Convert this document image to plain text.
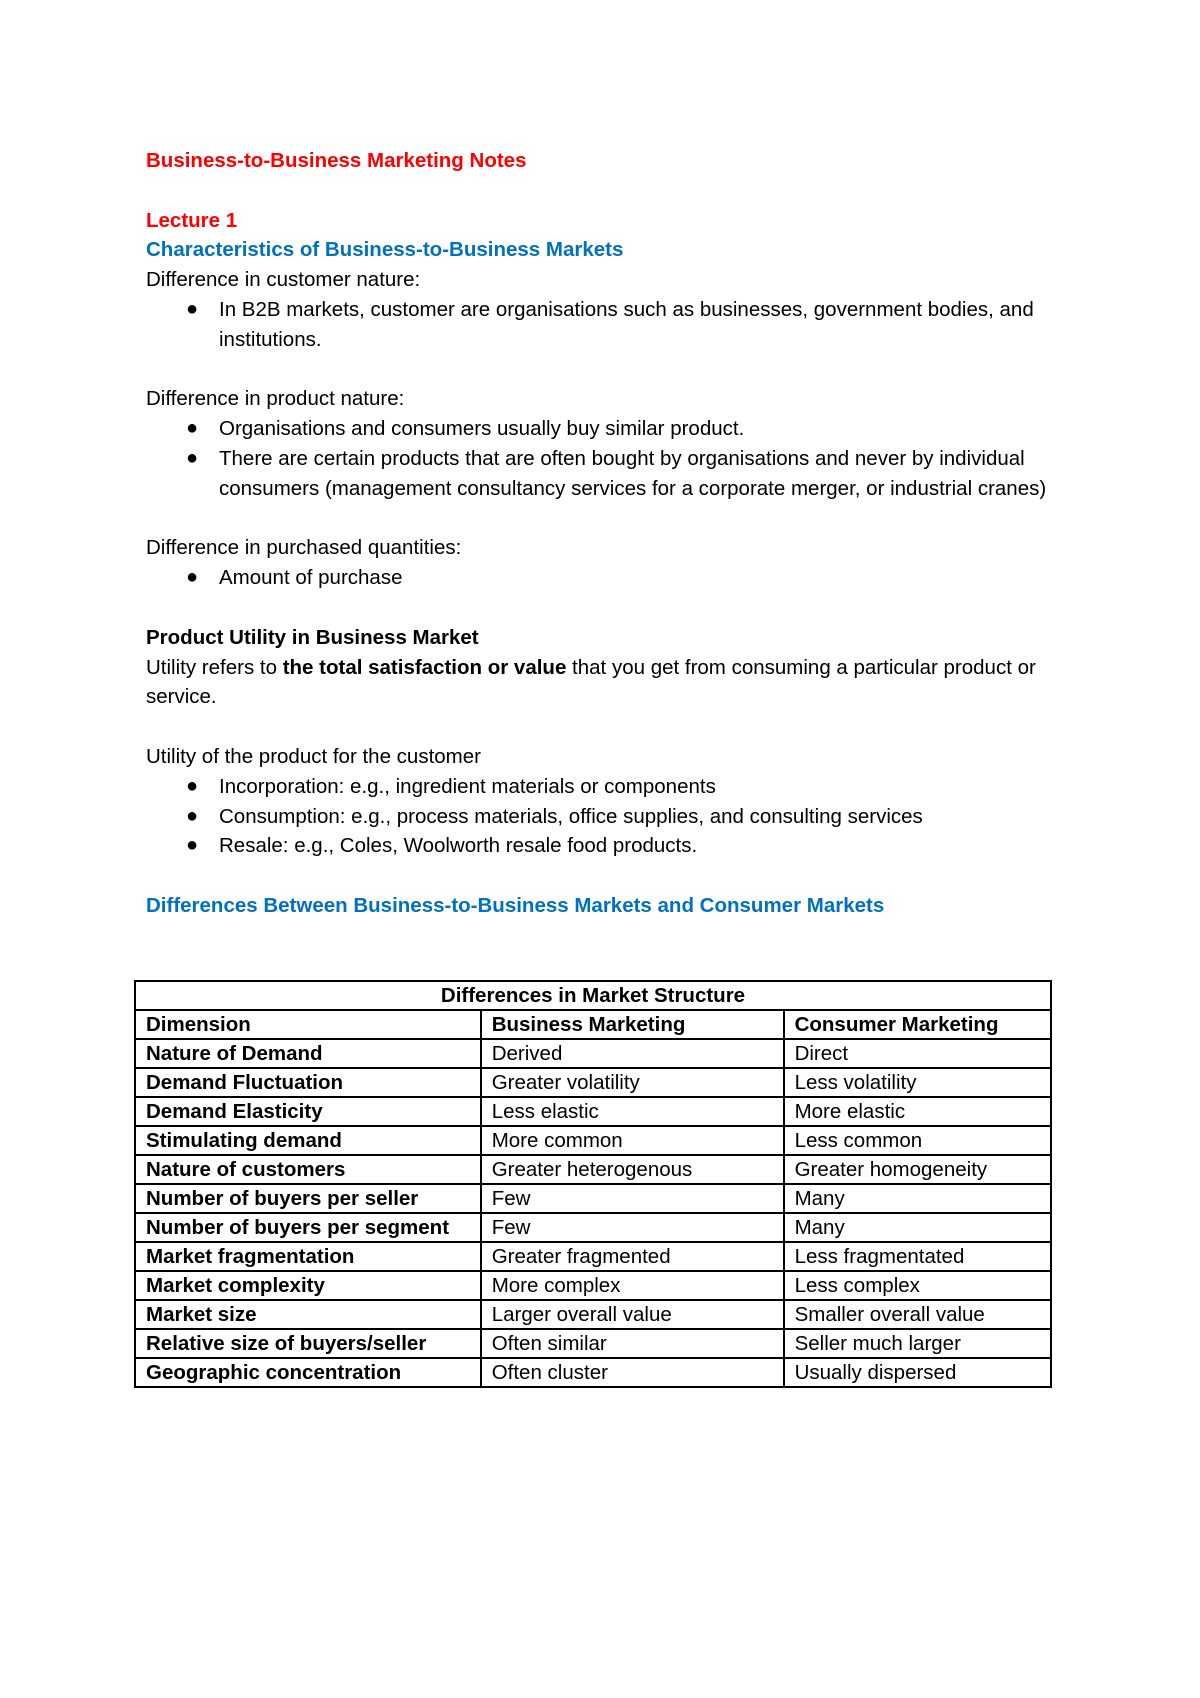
Business-to-Business Marketing Notes

Lecture 1

Characteristics of Business-to-Business Markets

Difference in customer nature:

● In B2B markets, customer are organisations such as businesses, government bodies, and institutions.

Difference in product nature:

● Organisations and consumers usually buy similar product.
● There are certain products that are often bought by organisations and never by individual consumers (management consultancy services for a corporate merger, or industrial cranes)

Difference in purchased quantities:

● Amount of purchase

Product Utility in Business Market

Utility refers to the total satisfaction or value that you get from consuming a particular product or service.

Utility of the product for the customer

● Incorporation: e.g., ingredient materials or components
● Consumption: e.g., process materials, office supplies, and consulting services
● Resale: e.g., Coles, Woolworth resale food products.

Differences Between Business-to-Business Markets and Consumer Markets

Differences in Market Structure		
Dimension	Business Marketing	Consumer Marketing
Nature of Demand	Derived	Direct
Demand Fluctuation	Greater volatility	Less volatility
Demand Elasticity	Less elastic	More elastic
Stimulating demand	More common	Less common
Nature of customers	Greater heterogenous	Greater homogeneity
Number of buyers per seller	Few	Many
Number of buyers per segment	Few	Many
Market fragmentation	Greater fragmented	Less fragmentated
Market complexity	More complex	Less complex
Market size	Larger overall value	Smaller overall value
Relative size of buyers/seller	Often similar	Seller much larger
Geographic concentration	Often cluster	Usually dispersed
